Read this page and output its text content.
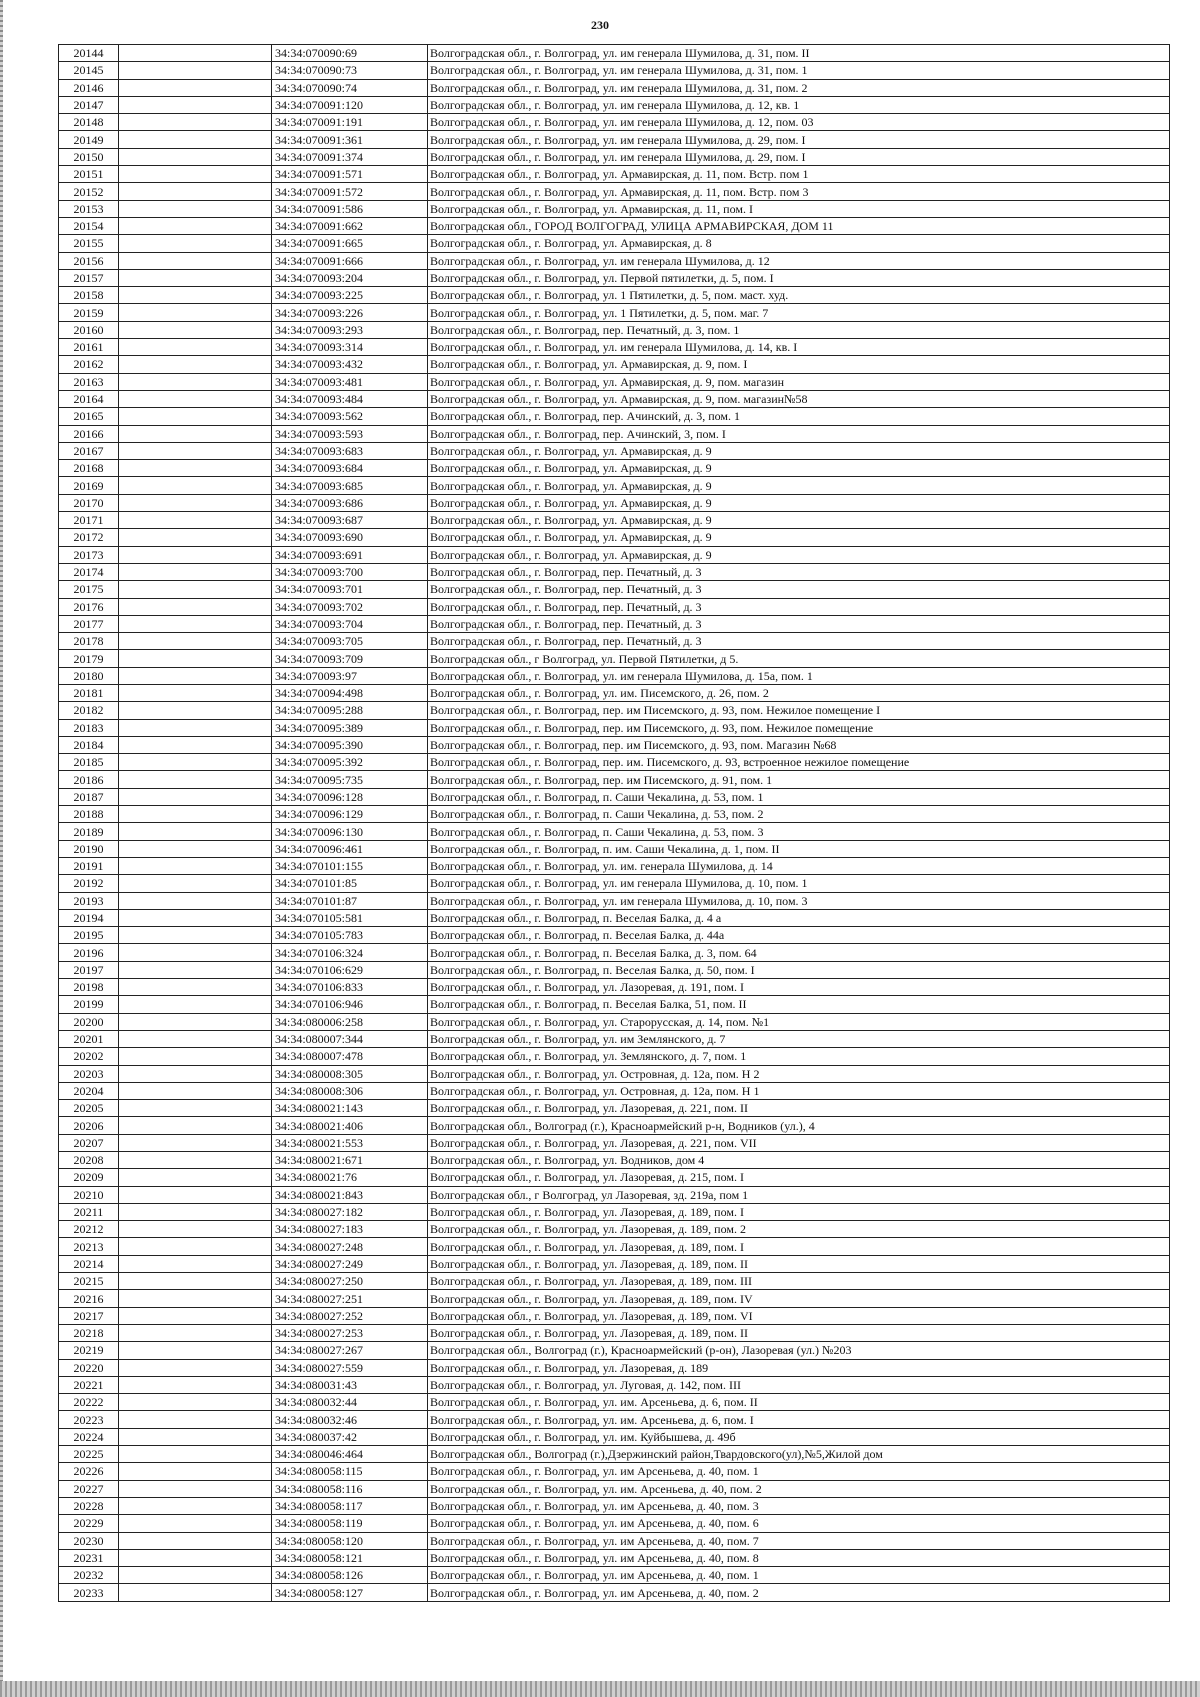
230
20144		34:34:070090:69	Волгоградская обл., г. Волгоград, ул. им генерала Шумилова, д. 31, пом. II
20145		34:34:070090:73	Волгоградская обл., г. Волгоград, ул. им генерала Шумилова, д. 31, пом. 1
20146		34:34:070090:74	Волгоградская обл., г. Волгоград, ул. им генерала Шумилова, д. 31, пом. 2
20147		34:34:070091:120	Волгоградская обл., г. Волгоград, ул. им генерала Шумилова, д. 12, кв. 1
20148		34:34:070091:191	Волгоградская обл., г. Волгоград, ул. им генерала Шумилова, д. 12, пом. 03
20149		34:34:070091:361	Волгоградская обл., г. Волгоград, ул. им генерала Шумилова, д. 29, пом. I
20150		34:34:070091:374	Волгоградская обл., г. Волгоград, ул. им генерала Шумилова, д. 29, пом. I
20151		34:34:070091:571	Волгоградская обл., г. Волгоград, ул. Армавирская, д. 11, пом. Встр. пом 1
20152		34:34:070091:572	Волгоградская обл., г. Волгоград, ул. Армавирская, д. 11, пом. Встр. пом 3
20153		34:34:070091:586	Волгоградская обл., г. Волгоград, ул. Армавирская, д. 11, пом. I
20154		34:34:070091:662	Волгоградская обл., ГОРОД ВОЛГОГРАД, УЛИЦА АРМАВИРСКАЯ, ДОМ 11
20155		34:34:070091:665	Волгоградская обл., г. Волгоград, ул. Армавирская, д. 8
20156		34:34:070091:666	Волгоградская обл., г. Волгоград, ул. им генерала Шумилова, д. 12
20157		34:34:070093:204	Волгоградская обл., г. Волгоград, ул. Первой пятилетки, д. 5, пом. I
20158		34:34:070093:225	Волгоградская обл., г. Волгоград, ул. 1 Пятилетки, д. 5, пом. маст. худ.
20159		34:34:070093:226	Волгоградская обл., г. Волгоград, ул. 1 Пятилетки, д. 5, пом. маг. 7
20160		34:34:070093:293	Волгоградская обл., г. Волгоград, пер. Печатный, д. 3, пом. 1
20161		34:34:070093:314	Волгоградская обл., г. Волгоград, ул. им генерала Шумилова, д. 14, кв. I
20162		34:34:070093:432	Волгоградская обл., г. Волгоград, ул. Армавирская, д. 9, пом. I
20163		34:34:070093:481	Волгоградская обл., г. Волгоград, ул. Армавирская, д. 9, пом. магазин
20164		34:34:070093:484	Волгоградская обл., г. Волгоград, ул. Армавирская, д. 9, пом. магазин№58
20165		34:34:070093:562	Волгоградская обл., г. Волгоград, пер. Ачинский, д. 3, пом. 1
20166		34:34:070093:593	Волгоградская обл., г. Волгоград, пер. Ачинский, 3, пом. I
20167		34:34:070093:683	Волгоградская обл., г. Волгоград, ул. Армавирская, д. 9
20168		34:34:070093:684	Волгоградская обл., г. Волгоград, ул. Армавирская, д. 9
20169		34:34:070093:685	Волгоградская обл., г. Волгоград, ул. Армавирская, д. 9
20170		34:34:070093:686	Волгоградская обл., г. Волгоград, ул. Армавирская, д. 9
20171		34:34:070093:687	Волгоградская обл., г. Волгоград, ул. Армавирская, д. 9
20172		34:34:070093:690	Волгоградская обл., г. Волгоград, ул. Армавирская, д. 9
20173		34:34:070093:691	Волгоградская обл., г. Волгоград, ул. Армавирская, д. 9
20174		34:34:070093:700	Волгоградская обл., г. Волгоград, пер. Печатный, д. 3
20175		34:34:070093:701	Волгоградская обл., г. Волгоград, пер. Печатный, д. 3
20176		34:34:070093:702	Волгоградская обл., г. Волгоград, пер. Печатный, д. 3
20177		34:34:070093:704	Волгоградская обл., г. Волгоград, пер. Печатный, д. 3
20178		34:34:070093:705	Волгоградская обл., г. Волгоград, пер. Печатный, д. 3
20179		34:34:070093:709	Волгоградская обл., г Волгоград, ул. Первой Пятилетки, д 5.
20180		34:34:070093:97	Волгоградская обл., г. Волгоград, ул. им генерала Шумилова, д. 15а, пом. 1
20181		34:34:070094:498	Волгоградская обл., г. Волгоград, ул. им. Писемского, д. 26, пом. 2
20182		34:34:070095:288	Волгоградская обл., г. Волгоград, пер. им Писемского, д. 93, пом. Нежилое помещение I
20183		34:34:070095:389	Волгоградская обл., г. Волгоград, пер. им Писемского, д. 93, пом. Нежилое помещение
20184		34:34:070095:390	Волгоградская обл., г. Волгоград, пер. им Писемского, д. 93, пом. Магазин №68
20185		34:34:070095:392	Волгоградская обл., г. Волгоград, пер. им. Писемского, д. 93, встроенное нежилое помещение
20186		34:34:070095:735	Волгоградская обл., г. Волгоград, пер. им Писемского, д. 91, пом. 1
20187		34:34:070096:128	Волгоградская обл., г. Волгоград, п. Саши Чекалина, д. 53, пом. 1
20188		34:34:070096:129	Волгоградская обл., г. Волгоград, п. Саши Чекалина, д. 53, пом. 2
20189		34:34:070096:130	Волгоградская обл., г. Волгоград, п. Саши Чекалина, д. 53, пом. 3
20190		34:34:070096:461	Волгоградская обл., г. Волгоград, п. им. Саши Чекалина, д. 1, пом. II
20191		34:34:070101:155	Волгоградская обл., г. Волгоград, ул. им. генерала Шумилова, д. 14
20192		34:34:070101:85	Волгоградская обл., г. Волгоград, ул. им генерала Шумилова, д. 10, пом. 1
20193		34:34:070101:87	Волгоградская обл., г. Волгоград, ул. им генерала Шумилова, д. 10, пом. 3
20194		34:34:070105:581	Волгоградская обл., г. Волгоград, п. Веселая Балка, д. 4 а
20195		34:34:070105:783	Волгоградская обл., г. Волгоград, п. Веселая Балка, д. 44а
20196		34:34:070106:324	Волгоградская обл., г. Волгоград, п. Веселая Балка, д. 3, пом. 64
20197		34:34:070106:629	Волгоградская обл., г. Волгоград, п. Веселая Балка, д. 50, пом. I
20198		34:34:070106:833	Волгоградская обл., г. Волгоград, ул. Лазоревая, д. 191, пом. I
20199		34:34:070106:946	Волгоградская обл., г. Волгоград, п. Веселая Балка, 51, пом. II
20200		34:34:080006:258	Волгоградская обл., г. Волгоград, ул. Старорусская, д. 14, пом. №1
20201		34:34:080007:344	Волгоградская обл., г. Волгоград, ул. им Землянского, д. 7
20202		34:34:080007:478	Волгоградская обл., г. Волгоград, ул. Землянского, д. 7, пом. 1
20203		34:34:080008:305	Волгоградская обл., г. Волгоград, ул. Островная, д. 12а, пом. Н 2
20204		34:34:080008:306	Волгоградская обл., г. Волгоград, ул. Островная, д. 12а, пом. Н 1
20205		34:34:080021:143	Волгоградская обл., г. Волгоград, ул. Лазоревая, д. 221, пом. II
20206		34:34:080021:406	Волгоградская обл., Волгоград (г.), Красноармейский р-н, Водников (ул.), 4
20207		34:34:080021:553	Волгоградская обл., г. Волгоград, ул. Лазоревая, д. 221, пом. VII
20208		34:34:080021:671	Волгоградская обл., г. Волгоград, ул. Водников, дом 4
20209		34:34:080021:76	Волгоградская обл., г. Волгоград, ул. Лазоревая, д. 215, пом. I
20210		34:34:080021:843	Волгоградская обл., г Волгоград, ул Лазоревая, зд. 219а, пом 1
20211		34:34:080027:182	Волгоградская обл., г. Волгоград, ул. Лазоревая, д. 189, пом. I
20212		34:34:080027:183	Волгоградская обл., г. Волгоград, ул. Лазоревая, д. 189, пом. 2
20213		34:34:080027:248	Волгоградская обл., г. Волгоград, ул. Лазоревая, д. 189, пом. I
20214		34:34:080027:249	Волгоградская обл., г. Волгоград, ул. Лазоревая, д. 189, пом. II
20215		34:34:080027:250	Волгоградская обл., г. Волгоград, ул. Лазоревая, д. 189, пом. III
20216		34:34:080027:251	Волгоградская обл., г. Волгоград, ул. Лазоревая, д. 189, пом. IV
20217		34:34:080027:252	Волгоградская обл., г. Волгоград, ул. Лазоревая, д. 189, пом. VI
20218		34:34:080027:253	Волгоградская обл., г. Волгоград, ул. Лазоревая, д. 189, пом. II
20219		34:34:080027:267	Волгоградская обл., Волгоград (г.), Красноармейский (р-он), Лазоревая (ул.) №203
20220		34:34:080027:559	Волгоградская обл., г. Волгоград, ул. Лазоревая, д. 189
20221		34:34:080031:43	Волгоградская обл., г. Волгоград, ул. Луговая, д. 142, пом. III
20222		34:34:080032:44	Волгоградская обл., г. Волгоград, ул. им. Арсеньева, д. 6, пом. II
20223		34:34:080032:46	Волгоградская обл., г. Волгоград, ул. им. Арсеньева, д. 6, пом. I
20224		34:34:080037:42	Волгоградская обл., г. Волгоград, ул. им. Куйбышева, д. 49б
20225		34:34:080046:464	Волгоградская обл., Волгоград (г.),Дзержинский район,Твардовского(ул),№5,Жилой дом
20226		34:34:080058:115	Волгоградская обл., г. Волгоград, ул. им Арсеньева, д. 40, пом. 1
20227		34:34:080058:116	Волгоградская обл., г. Волгоград, ул. им. Арсеньева, д. 40, пом. 2
20228		34:34:080058:117	Волгоградская обл., г. Волгоград, ул. им Арсеньева, д. 40, пом. 3
20229		34:34:080058:119	Волгоградская обл., г. Волгоград, ул. им Арсеньева, д. 40, пом. 6
20230		34:34:080058:120	Волгоградская обл., г. Волгоград, ул. им Арсеньева, д. 40, пом. 7
20231		34:34:080058:121	Волгоградская обл., г. Волгоград, ул. им Арсеньева, д. 40, пом. 8
20232		34:34:080058:126	Волгоградская обл., г. Волгоград, ул. им Арсеньева, д. 40, пом. 1
20233		34:34:080058:127	Волгоградская обл., г. Волгоград, ул. им Арсеньева, д. 40, пом. 2
